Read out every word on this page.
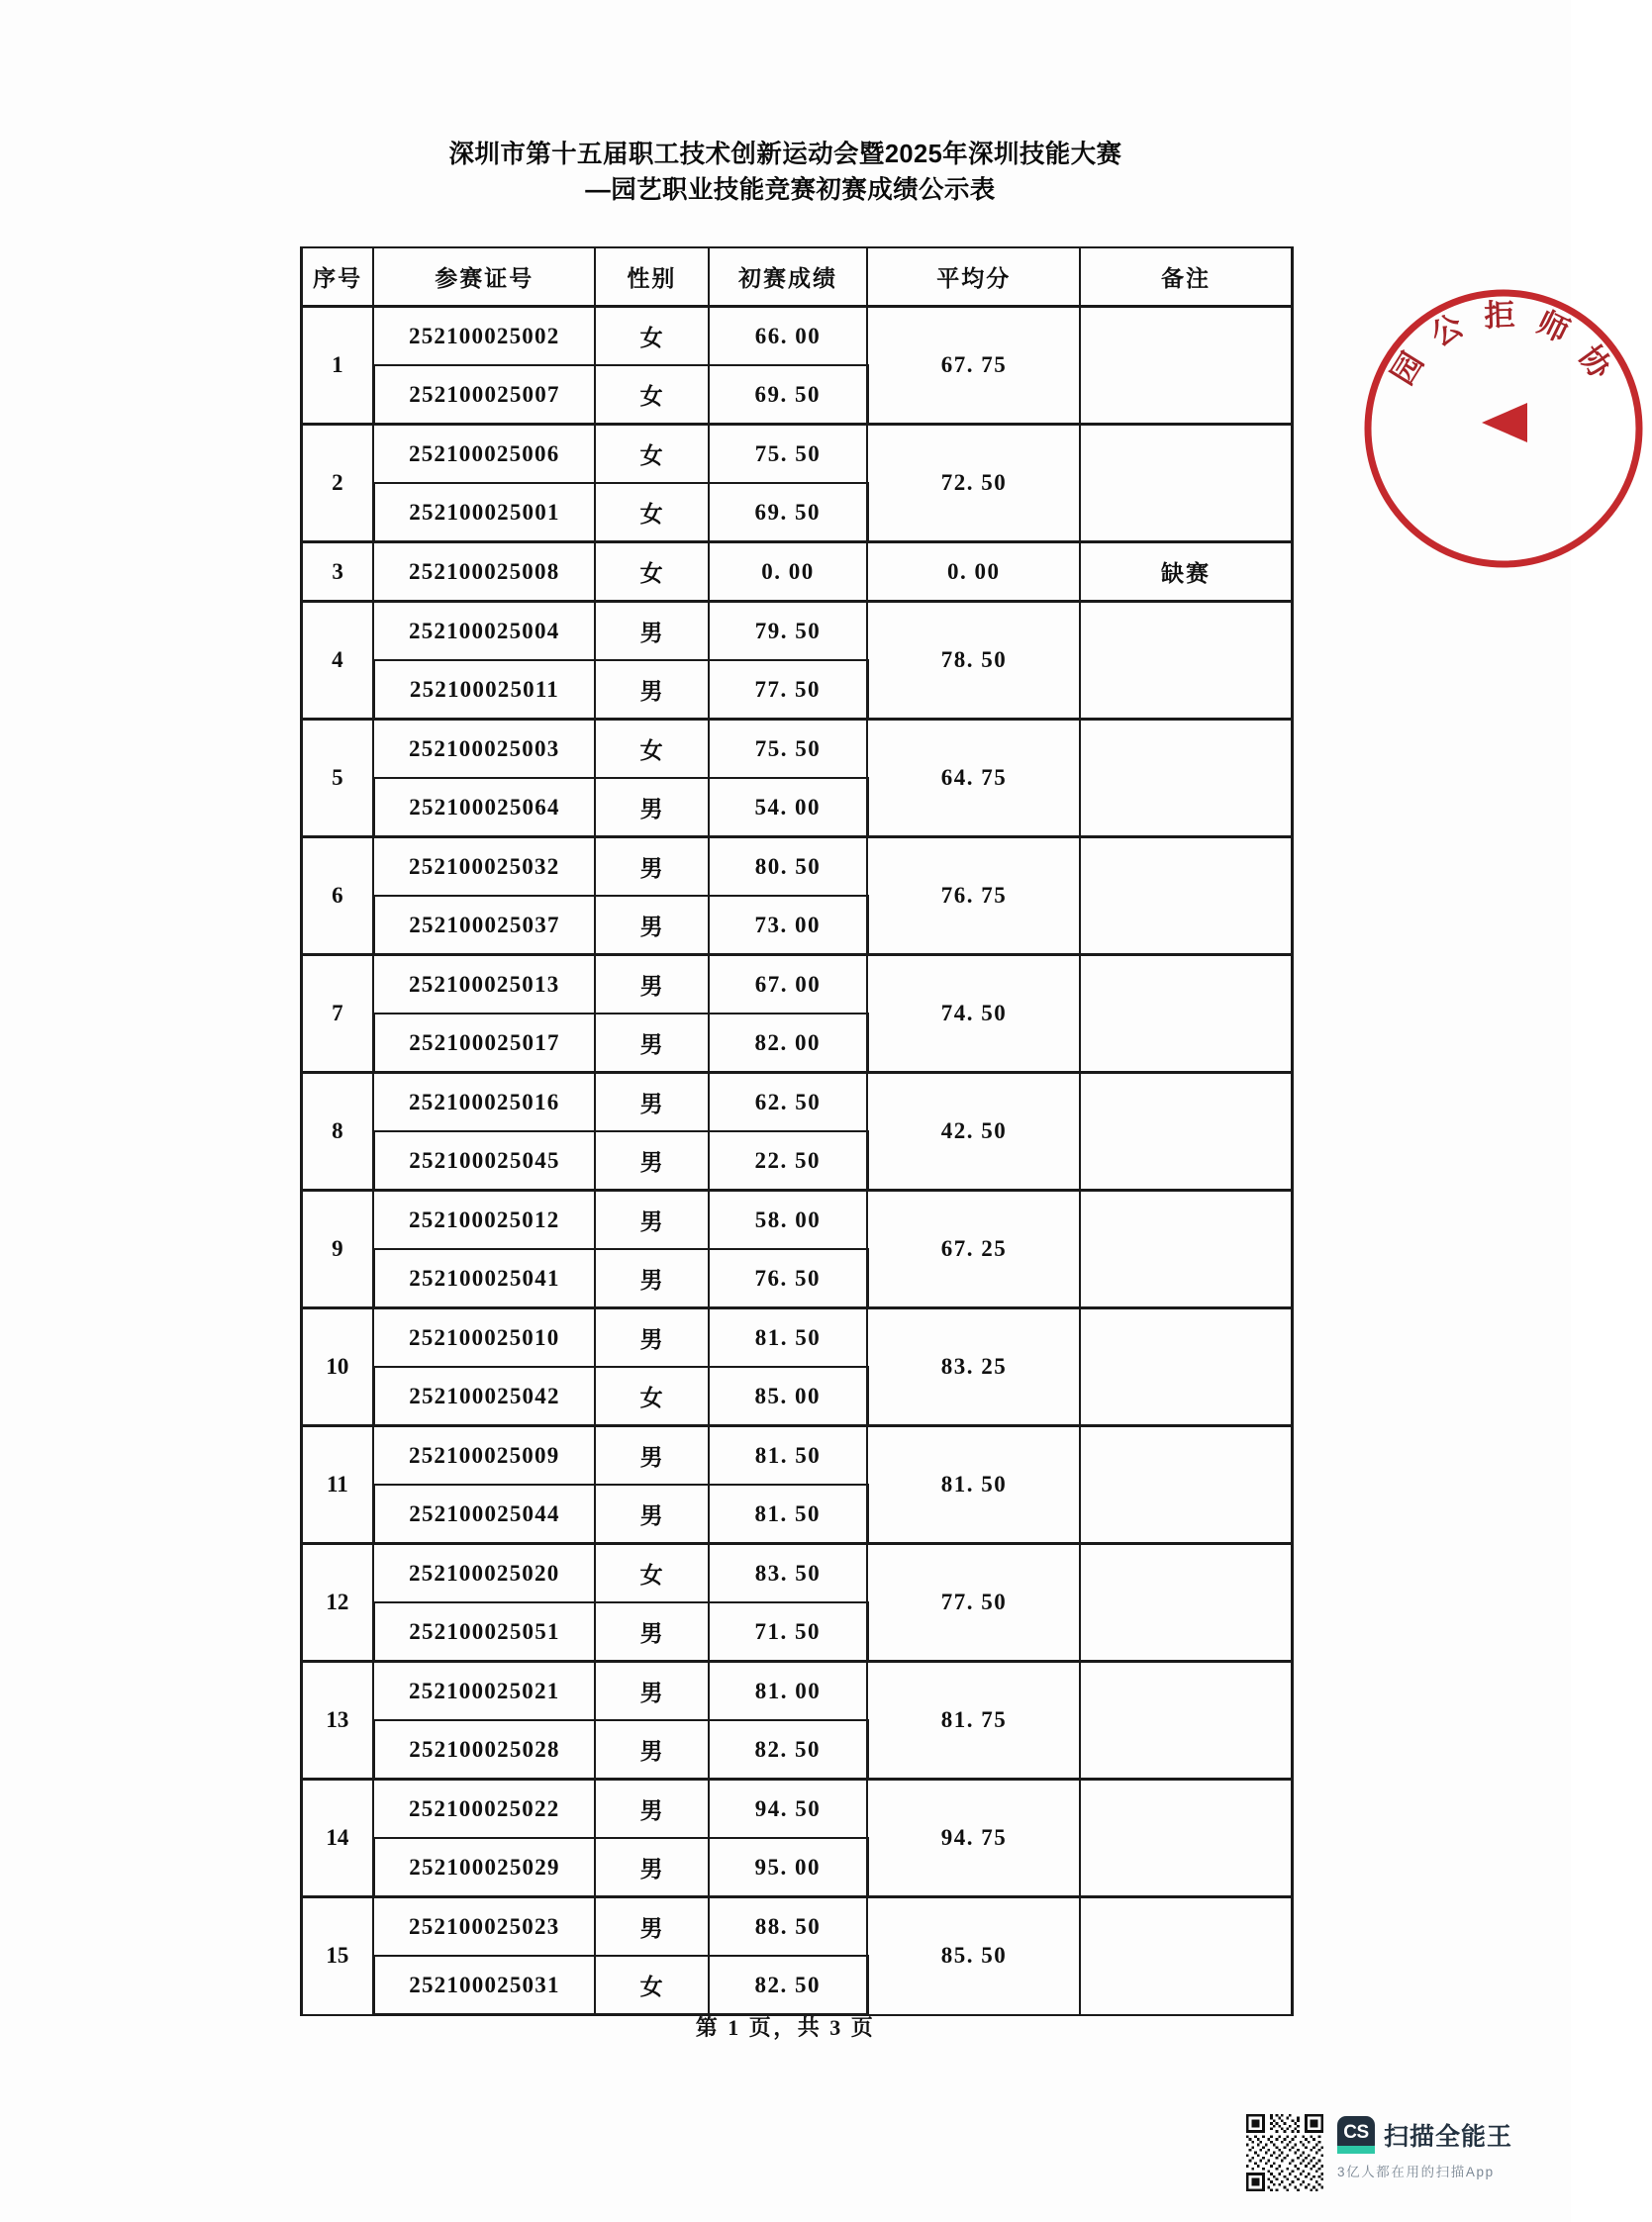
深圳市第十五届职工技术创新运动会暨2025年深圳技能大赛
—园艺职业技能竞赛初赛成绩公示表
序号	参赛证号	性别	初赛成绩	平均分	备注
1	252100025002	女	66. 00	67. 75	
	252100025007	女	69. 50		
2	252100025006	女	75. 50	72. 50	
	252100025001	女	69. 50		
3	252100025008	女	0. 00	0. 00	缺赛
4	252100025004	男	79. 50	78. 50	
	252100025011	男	77. 50		
5	252100025003	女	75. 50	64. 75	
	252100025064	男	54. 00		
6	252100025032	男	80. 50	76. 75	
	252100025037	男	73. 00		
7	252100025013	男	67. 00	74. 50	
	252100025017	男	82. 00		
8	252100025016	男	62. 50	42. 50	
	252100025045	男	22. 50		
9	252100025012	男	58. 00	67. 25	
	252100025041	男	76. 50		
10	252100025010	男	81. 50	83. 25	
	252100025042	女	85. 00		
11	252100025009	男	81. 50	81. 50	
	252100025044	男	81. 50		
12	252100025020	女	83. 50	77. 50	
	252100025051	男	71. 50		
13	252100025021	男	81. 00	81. 75	
	252100025028	男	82. 50		
14	252100025022	男	94. 50	94. 75	
	252100025029	男	95. 00		
15	252100025023	男	88. 50	85. 50	
	252100025031	女	82. 50		
第 1 页，共 3 页
园
公 拒 师
协
CS 扫描全能王
3亿人都在用的扫描App
